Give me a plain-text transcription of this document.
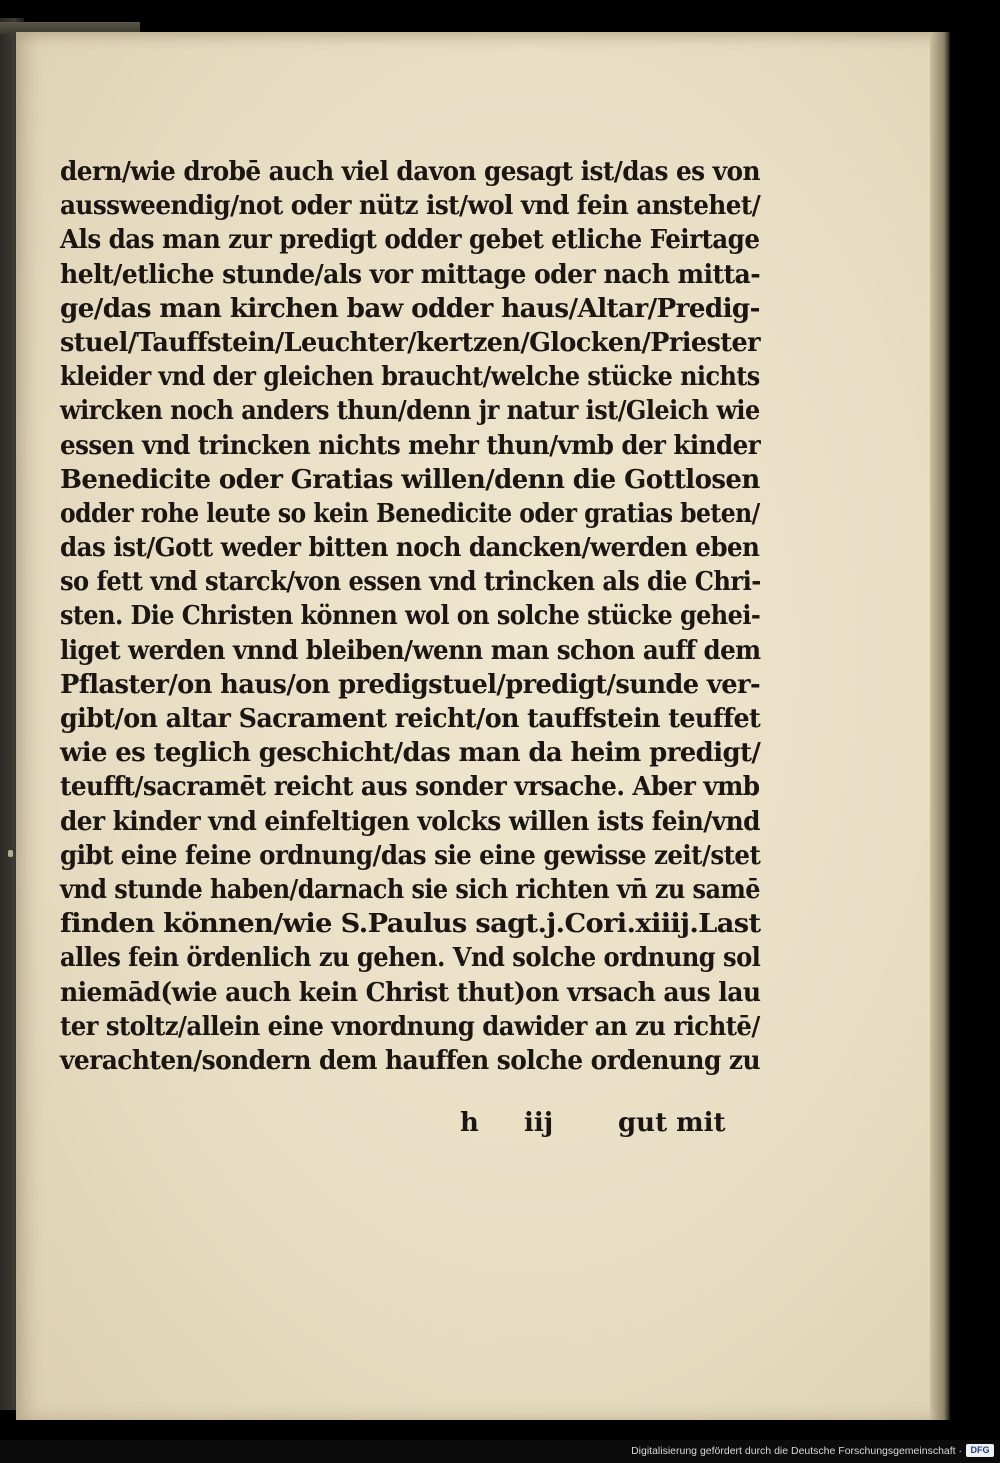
dern/wie drobē auch viel davon gesagt ist/das es von
aussweendig/not oder nütz ist/wol vnd fein anstehet/
Als das man zur predigt odder gebet etliche Feirtage
helt/etliche stunde/als vor mittage oder nach mitta-
ge/das man kirchen baw odder haus/Altar/Predig-
stuel/Tauffstein/Leuchter/kertzen/Glocken/Priester
kleider vnd der gleichen braucht/welche stücke nichts
wircken noch anders thun/denn jr natur ist/Gleich wie
essen vnd trincken nichts mehr thun/vmb der kinder
Benedicite oder Gratias willen/denn die Gottlosen
odder rohe leute so kein Benedicite oder gratias beten/
das ist/Gott weder bitten noch dancken/werden eben
so fett vnd starck/von essen vnd trincken als die Chri-
sten. Die Christen können wol on solche stücke gehei-
liget werden vnnd bleiben/wenn man schon auff dem
Pflaster/on haus/on predigstuel/predigt/sunde ver-
gibt/on altar Sacrament reicht/on tauffstein teuffet
wie es teglich geschicht/das man da heim predigt/
teufft/sacramēt reicht aus sonder vrsache. Aber vmb
der kinder vnd einfeltigen volcks willen ists fein/vnd
gibt eine feine ordnung/das sie eine gewisse zeit/stet
vnd stunde haben/darnach sie sich richten vn̄ zu samē
finden können/wie S.Paulus sagt.j.Cori.xiiij.Last
alles fein ördenlich zu gehen. Vnd solche ordnung sol
niemād(wie auch kein Christ thut)on vrsach aus lau
ter stoltz/allein eine vnordnung dawider an zu richtē/
verachten/sondern dem hauffen solche ordenung zu
h iij gut mit
Digitalisierung gefördert durch die Deutsche Forschungsgemeinschaft · DFG
